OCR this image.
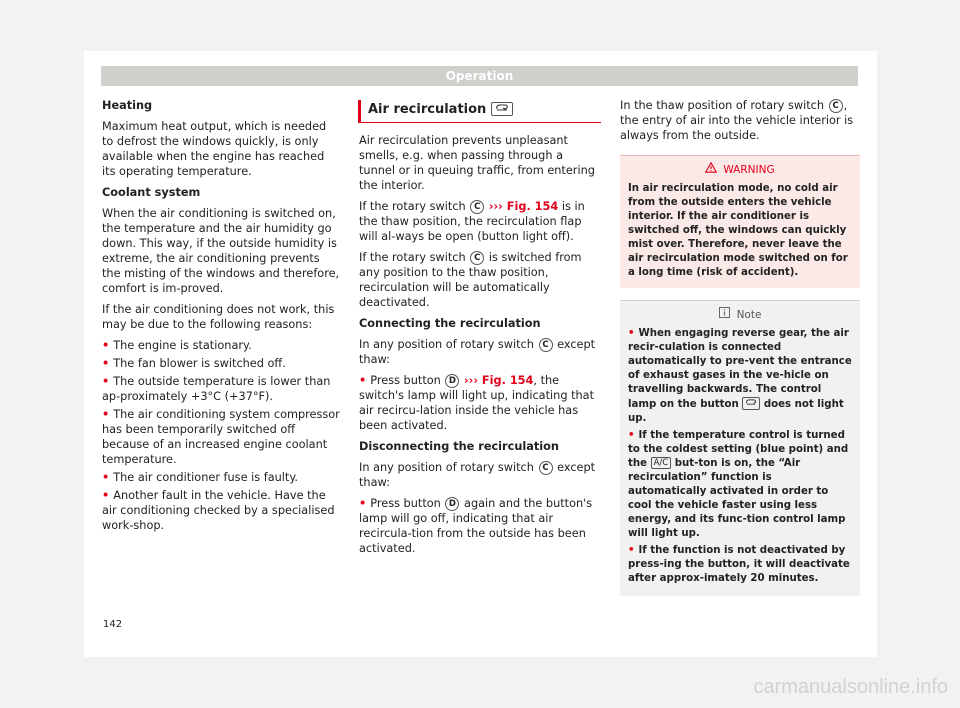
Operation

Heating

Maximum heat output, which is needed to defrost the windows quickly, is only available when the engine has reached its operating temperature.

Coolant system

When the air conditioning is switched on, the temperature and the air humidity go down. This way, if the outside humidity is extreme, the air conditioning prevents the misting of the windows and therefore, comfort is im-proved.

If the air conditioning does not work, this may be due to the following reasons:

• The engine is stationary.
• The fan blower is switched off.
• The outside temperature is lower than ap-proximately +3°C (+37°F).
• The air conditioning system compressor has been temporarily switched off because of an increased engine coolant temperature.
• The air conditioner fuse is faulty.
• Another fault in the vehicle. Have the air conditioning checked by a specialised work-shop.
Air recirculation

Air recirculation prevents unpleasant smells, e.g. when passing through a tunnel or in queuing traffic, from entering the interior.

If the rotary switch C ››› Fig. 154 is in the thaw position, the recirculation flap will al-ways be open (button light off).

If the rotary switch C is switched from any position to the thaw position, recirculation will be automatically deactivated.

Connecting the recirculation

In any position of rotary switch C except thaw:

• Press button D ››› Fig. 154, the switch's lamp will light up, indicating that air recircu-lation inside the vehicle has been activated.

Disconnecting the recirculation

In any position of rotary switch C except thaw:

• Press button D again and the button's lamp will go off, indicating that air recircula-tion from the outside has been activated.

In the thaw position of rotary switch C , the entry of air into the vehicle interior is always from the outside.

WARNING
In air recirculation mode, no cold air from the outside enters the vehicle interior. If the air conditioner is switched off, the windows can quickly mist over. Therefore, never leave the air recirculation mode switched on for a long time (risk of accident).
Note
• When engaging reverse gear, the air recir-culation is connected automatically to pre-vent the entrance of exhaust gases in the ve-hicle on travelling backwards. The control lamp on the button does not light up.
• If the temperature control is turned to the coldest setting (blue point) and the A/C but-ton is on, the “Air recirculation” function is automatically activated in order to cool the vehicle faster using less energy, and its func-tion control lamp will light up.
• If the function is not deactivated by press-ing the button, it will deactivate after approx-imately 20 minutes.
142
carmanualsonline.info
